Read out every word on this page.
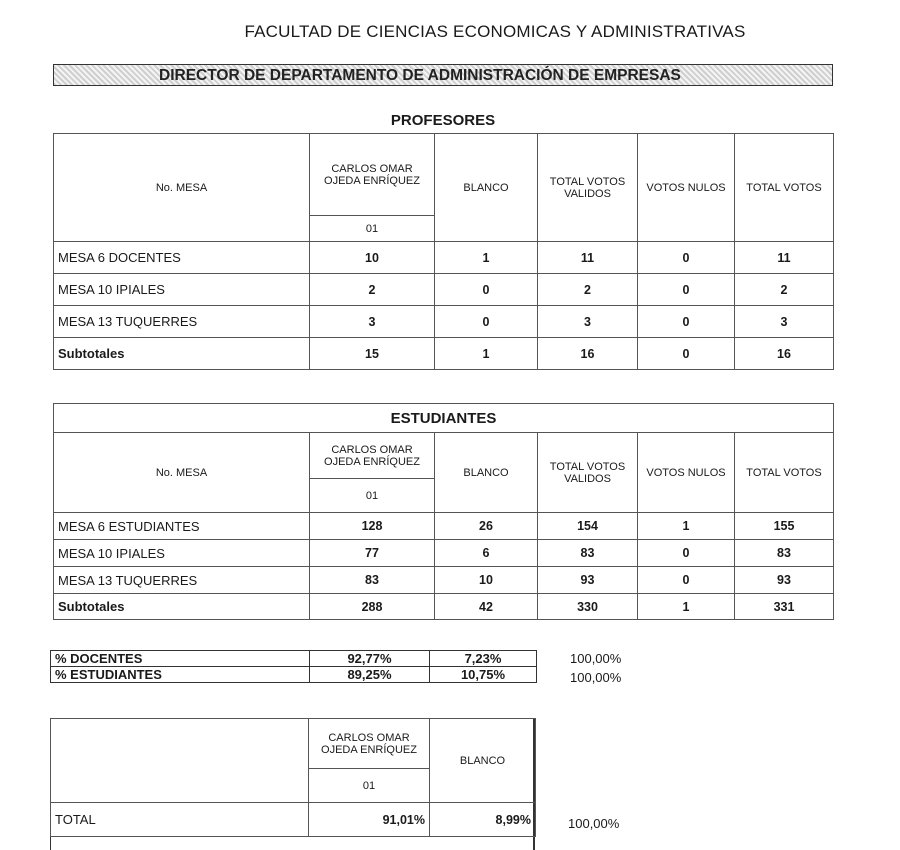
FACULTAD DE CIENCIAS ECONOMICAS Y ADMINISTRATIVAS
DIRECTOR DE DEPARTAMENTO DE ADMINISTRACIÓN DE EMPRESAS
PROFESORES
No. MESA	CARLOS OMAR OJEDA ENRÍQUEZ	BLANCO	TOTAL VOTOS VALIDOS	VOTOS NULOS	TOTAL VOTOS
	01				
MESA 6 DOCENTES	10	1	11	0	11
MESA 10 IPIALES	2	0	2	0	2
MESA 13 TUQUERRES	3	0	3	0	3
Subtotales	15	1	16	0	16
ESTUDIANTES					
No. MESA	CARLOS OMAR OJEDA ENRÍQUEZ	BLANCO	TOTAL VOTOS VALIDOS	VOTOS NULOS	TOTAL VOTOS
	01				
MESA 6 ESTUDIANTES	128	26	154	1	155
MESA 10 IPIALES	77	6	83	0	83
MESA 13 TUQUERRES	83	10	93	0	93
Subtotales	288	42	330	1	331
% DOCENTES	92,77%	7,23%
% ESTUDIANTES	89,25%	10,75%
100,00%
100,00%
	CARLOS OMAR OJEDA ENRÍQUEZ	BLANCO
	01	
TOTAL	91,01%	8,99%	100,00%
